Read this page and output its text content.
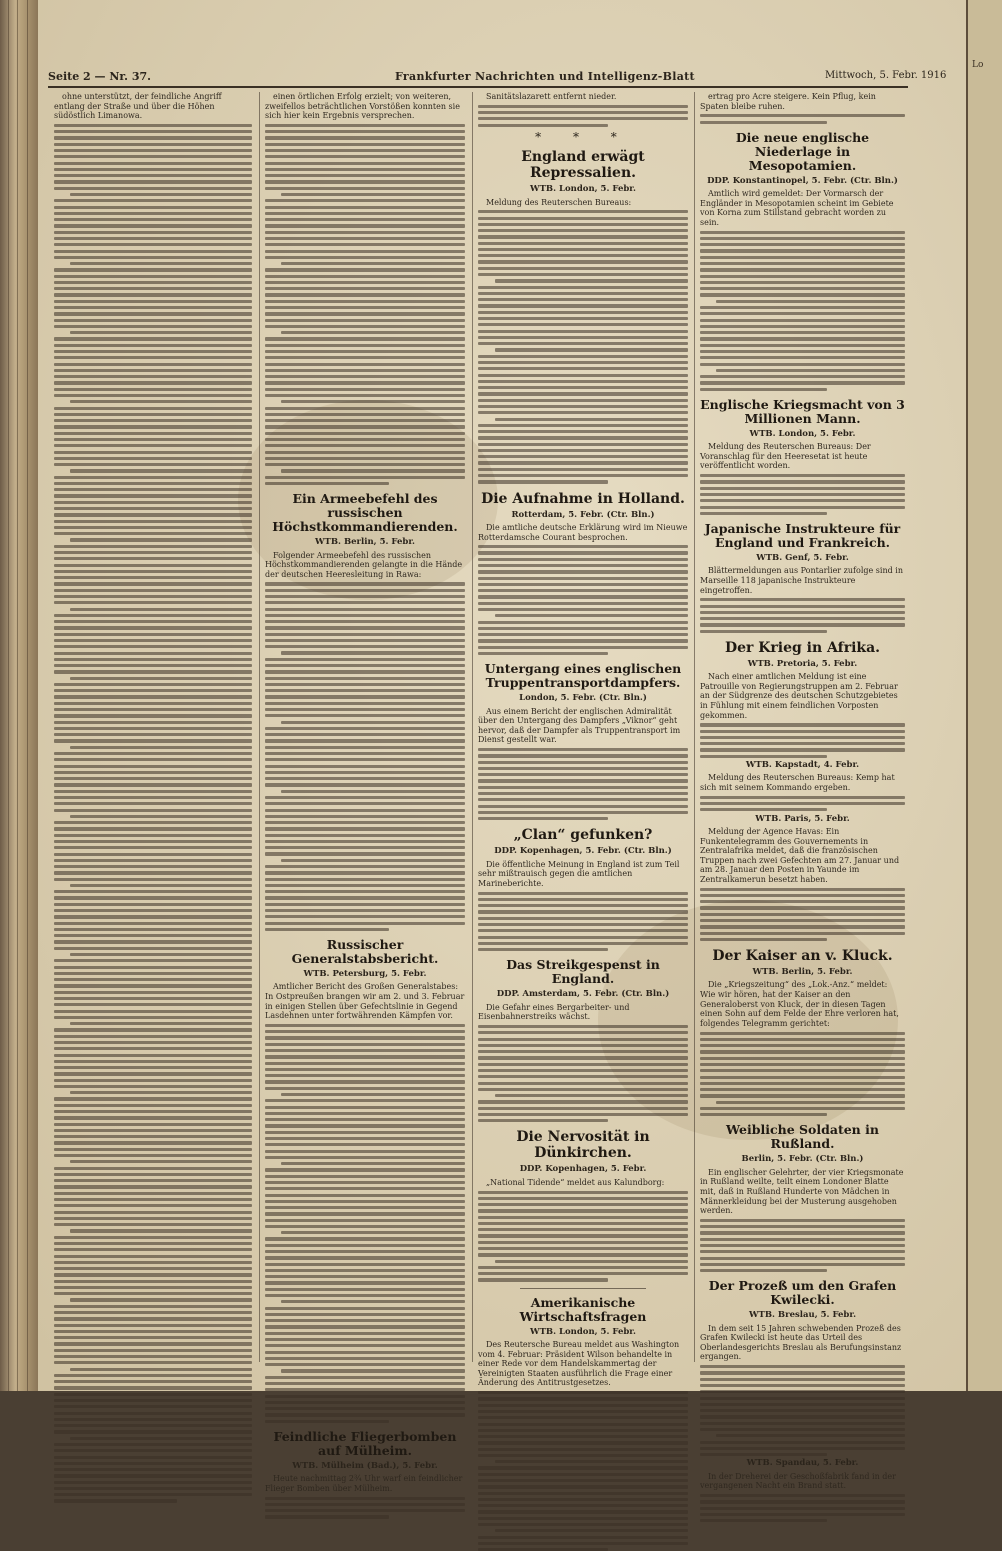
Seite 2 — Nr. 37.	Frankfurter Nachrichten und Intelligenz-Blatt	Mittwoch, 5. Febr. 1916

ohne unterstützt, der feindliche Angriff entlang der Straße und über die Höhen südöstlich Limanowa.

einen örtlichen Erfolg erzielt; von weiteren, zweifellos beträchtlichen Vorstößen konnten sie sich hier kein Ergebnis versprechen.

Ein Armeebefehl des russischen Höchstkommandierenden.
WTB. Berlin, 5. Febr.

Folgender Armeebefehl des russischen Höchstkommandierenden gelangte in die Hände der deutschen Heeresleitung in Rawa:

Russischer Generalstabsbericht.
WTB. Petersburg, 5. Febr.

Amtlicher Bericht des Großen Generalstabes: In Ostpreußen brangen wir am 2. und 3. Februar in einigen Stellen über Gefechtslinie in Gegend Lasdehnen unter fortwährenden Kämpfen vor.

Feindliche Fliegerbomben auf Mülheim.
WTB. Mülheim (Bad.), 5. Febr.

Heute nachmittag 2¾ Uhr warf ein feindlicher Flieger Bomben über Mülheim.

Sanitätslazarett entfernt nieder.

* * *
England erwägt Repressalien.
WTB. London, 5. Febr.

Meldung des Reuterschen Bureaus:

Die Aufnahme in Holland.
Rotterdam, 5. Febr. (Ctr. Bln.)

Die amtliche deutsche Erklärung wird im Nieuwe Rotterdamsche Courant besprochen.

Untergang eines englischen Truppentransportdampfers.
London, 5. Febr. (Ctr. Bln.)

Aus einem Bericht der englischen Admiralität über den Untergang des Dampfers „Viknor“ geht hervor, daß der Dampfer als Truppentransport im Dienst gestellt war.

„Clan“ gefunken?
DDP. Kopenhagen, 5. Febr. (Ctr. Bln.)

Die öffentliche Meinung in England ist zum Teil sehr mißtrauisch gegen die amtlichen Marineberichte.

Das Streikgespenst in England.
DDP. Amsterdam, 5. Febr. (Ctr. Bln.)

Die Gefahr eines Bergarbeiter- und Eisenbahnerstreiks wächst.

Die Nervosität in Dünkirchen.
DDP. Kopenhagen, 5. Febr.

„National Tidende“ meldet aus Kalundborg:

Amerikanische Wirtschaftsfragen
WTB. London, 5. Febr.

Des Reutersche Bureau meldet aus Washington vom 4. Februar: Präsident Wilson behandelte in einer Rede vor dem Handelskammertag der Vereinigten Staaten ausführlich die Frage einer Änderung des Antitrustgesetzes.

ertrag pro Acre steigere. Kein Pflug, kein Spaten bleibe ruhen.

Die neue englische Niederlage in Mesopotamien.
DDP. Konstantinopel, 5. Febr. (Ctr. Bln.)

Amtlich wird gemeldet: Der Vormarsch der Engländer in Mesopotamien scheint im Gebiete von Korna zum Stillstand gebracht worden zu sein.

Englische Kriegsmacht von 3 Millionen Mann.
WTB. London, 5. Febr.

Meldung des Reuterschen Bureaus: Der Voranschlag für den Heeresetat ist heute veröffentlicht worden.

Japanische Instrukteure für England und Frankreich.
WTB. Genf, 5. Febr.

Blättermeldungen aus Pontarlier zufolge sind in Marseille 118 japanische Instrukteure eingetroffen.

Der Krieg in Afrika.
WTB. Pretoria, 5. Febr.

Nach einer amtlichen Meldung ist eine Patrouille von Regierungstruppen am 2. Februar an der Südgrenze des deutschen Schutzgebietes in Fühlung mit einem feindlichen Vorposten gekommen.

WTB. Kapstadt, 4. Febr.

Meldung des Reuterschen Bureaus: Kemp hat sich mit seinem Kommando ergeben.

WTB. Paris, 5. Febr.

Meldung der Agence Havas: Ein Funkentelegramm des Gouvernements in Zentralafrika meldet, daß die französischen Truppen nach zwei Gefechten am 27. Januar und am 28. Januar den Posten in Yaunde im Zentralkamerun besetzt haben.

Der Kaiser an v. Kluck.
WTB. Berlin, 5. Febr.

Die „Kriegszeitung“ des „Lok.-Anz.“ meldet: Wie wir hören, hat der Kaiser an den Generaloberst von Kluck, der in diesen Tagen einen Sohn auf dem Felde der Ehre verloren hat, folgendes Telegramm gerichtet:

Weibliche Soldaten in Rußland.
Berlin, 5. Febr. (Ctr. Bln.)

Ein englischer Gelehrter, der vier Kriegsmonate in Rußland weilte, teilt einem Londoner Blatte mit, daß in Rußland Hunderte von Mädchen in Männerkleidung bei der Musterung ausgehoben werden.

Der Prozeß um den Grafen Kwilecki.
WTB. Breslau, 5. Febr.

In dem seit 15 Jahren schwebenden Prozeß des Grafen Kwilecki ist heute das Urteil des Oberlandesgerichts Breslau als Berufungsinstanz ergangen.

WTB. Spandau, 5. Febr.

In der Dreherei der Geschoßfabrik fand in der vergangenen Nacht ein Brand statt.

Lo
